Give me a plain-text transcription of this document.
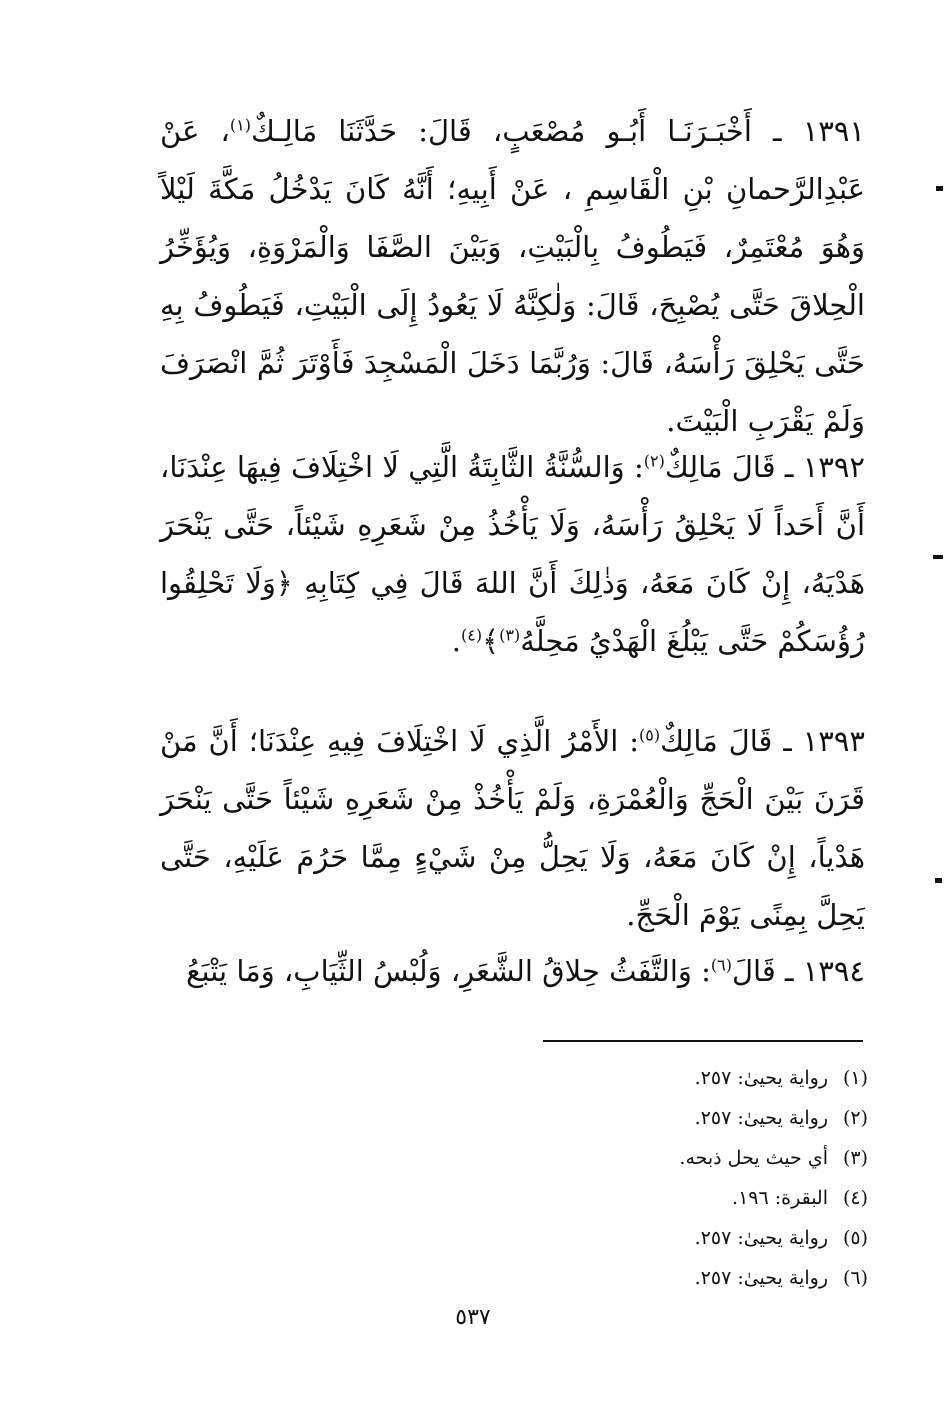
١٣٩١ ـ أَخْبَـرَنَـا أَبُـو مُصْعَبٍ، قَالَ: حَدَّثَنَا مَالِـكٌ$^{(١)}$، عَنْ عَبْدِالرَّحمانِ بْنِ الْقَاسِمِ ، عَنْ أَبِيهِ؛ أَنَّهُ كَانَ يَدْخُلُ مَكَّةَ لَيْلاً وَهُوَ مُعْتَمِرٌ، فَيَطُوفُ بِالْبَيْتِ، وَبَيْنَ الصَّفَا وَالْمَرْوَةِ، وَيُؤَخِّرُ الْحِلاقَ حَتَّى يُصْبِحَ، قَالَ: وَلٰكِنَّهُ لَا يَعُودُ إِلَى الْبَيْتِ، فَيَطُوفُ بِهِ حَتَّى يَحْلِقَ رَأْسَهُ، قَالَ: وَرُبَّمَا دَخَلَ الْمَسْجِدَ فَأَوْتَرَ ثُمَّ انْصَرَفَ وَلَمْ يَقْرَبِ الْبَيْتَ.
١٣٩٢ ـ قَالَ مَالِكٌ$^{(٢)}$: وَالسُّنَّةُ الثَّابِتَةُ الَّتِي لَا اخْتِلَافَ فِيهَا عِنْدَنَا، أَنَّ أَحَداً لَا يَحْلِقُ رَأْسَهُ، وَلَا يَأْخُذُ مِنْ شَعَرِهِ شَيْئاً، حَتَّى يَنْحَرَ هَدْيَهُ، إِنْ كَانَ مَعَهُ، وَذٰلِكَ أَنَّ اللهَ قَالَ فِي كِتَابِهِ ﴿وَلَا تَحْلِقُوا رُؤُسَكُمْ حَتَّى يَبْلُغَ الْهَدْيُ مَحِلَّهُ$^{(٣)}$﴾$^{(٤)}$.
١٣٩٣ ـ قَالَ مَالِكٌ$^{(٥)}$: الأَمْرُ الَّذِي لَا اخْتِلَافَ فِيهِ عِنْدَنَا؛ أَنَّ مَنْ قَرَنَ بَيْنَ الْحَجِّ وَالْعُمْرَةِ، وَلَمْ يَأْخُذْ مِنْ شَعَرِهِ شَيْئاً حَتَّى يَنْحَرَ هَدْياً، إِنْ كَانَ مَعَهُ، وَلَا يَحِلُّ مِنْ شَيْءٍ مِمَّا حَرُمَ عَلَيْهِ، حَتَّى يَحِلَّ بِمِنًى يَوْمَ الْحَجِّ.
١٣٩٤ ـ قَالَ$^{(٦)}$: وَالتَّفَثُ حِلاقُ الشَّعَرِ، وَلُبْسُ الثِّيَابِ، وَمَا يَتْبَعُ
(١)رواية يحيىٰ: ٢٥٧.
(٢)رواية يحيىٰ: ٢٥٧.
(٣)أي حيث يحل ذبحه.
(٤)البقرة: ١٩٦.
(٥)رواية يحيىٰ: ٢٥٧.
(٦)رواية يحيىٰ: ٢٥٧.
٥٣٧
